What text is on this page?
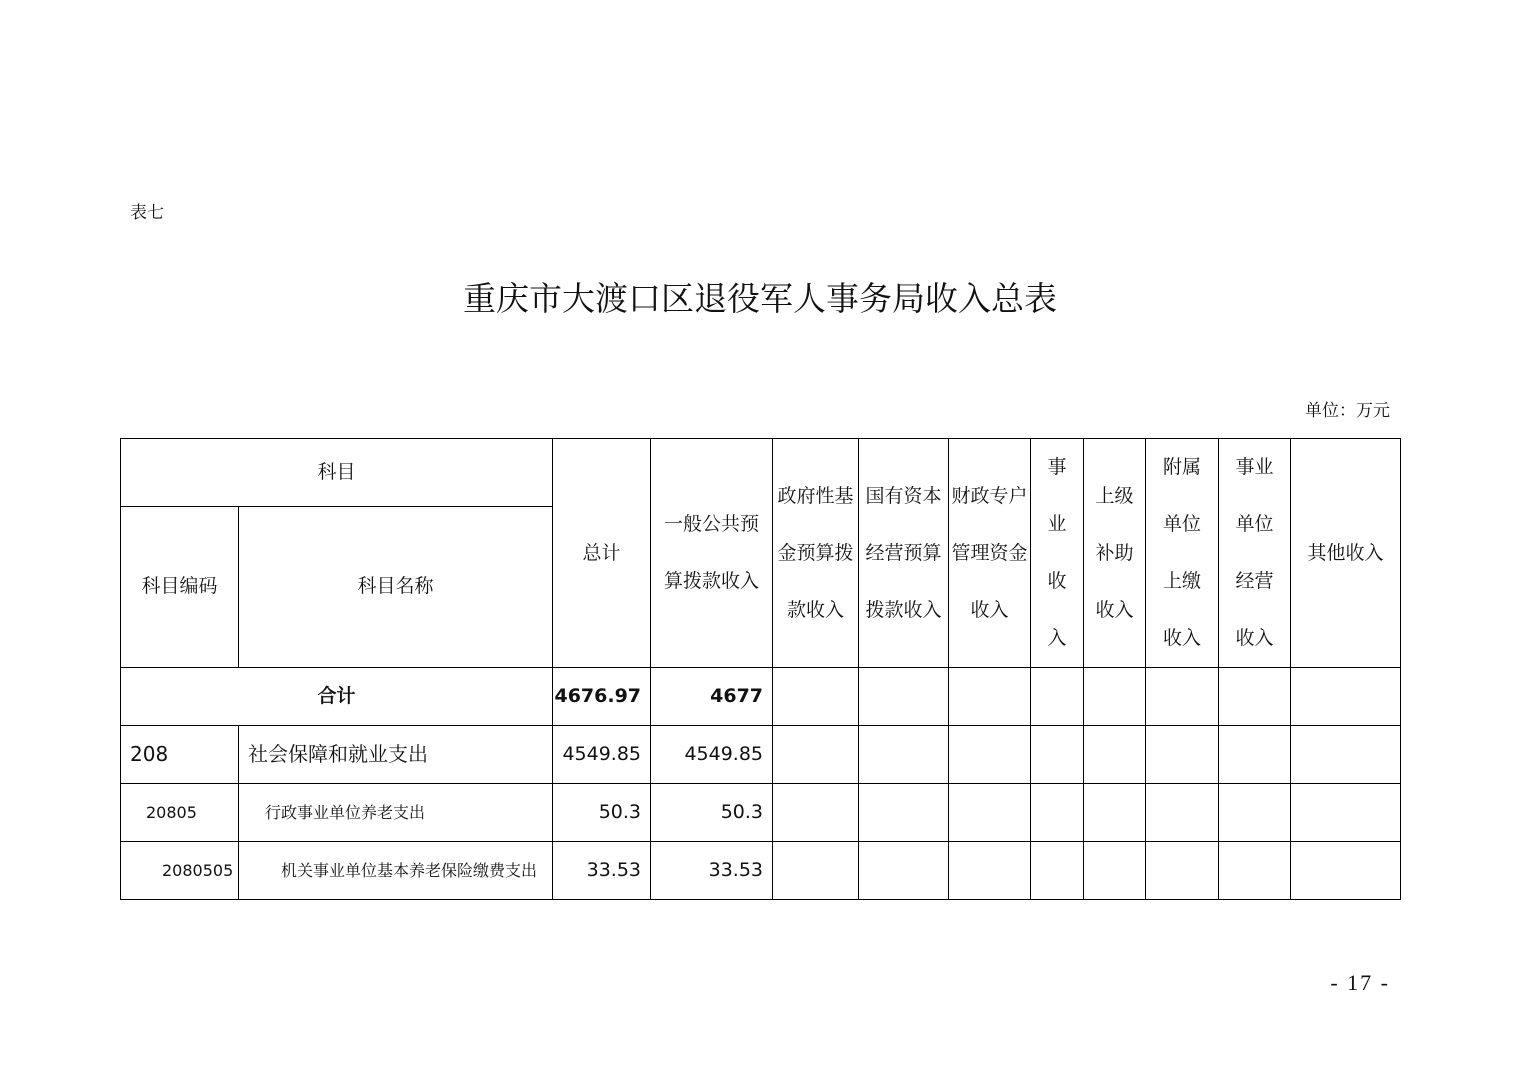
表七
重庆市大渡口区退役军人事务局收入总表
单位：万元
科目		总计	一般公共预算拨款收入	政府性基金预算拨款收入	国有资本经营预算拨款收入	财政专户管理资金收入	事业收入	上级补助收入	附属单位上缴收入	事业单位经营收入	其他收入
科目编码	科目名称										
合计		4676.97	4677								
208	社会保障和就业支出	4549.85	4549.85								
20805	行政事业单位养老支出	50.3	50.3								
2080505	机关事业单位基本养老保险缴费支出	33.53	33.53								
- 17 -
